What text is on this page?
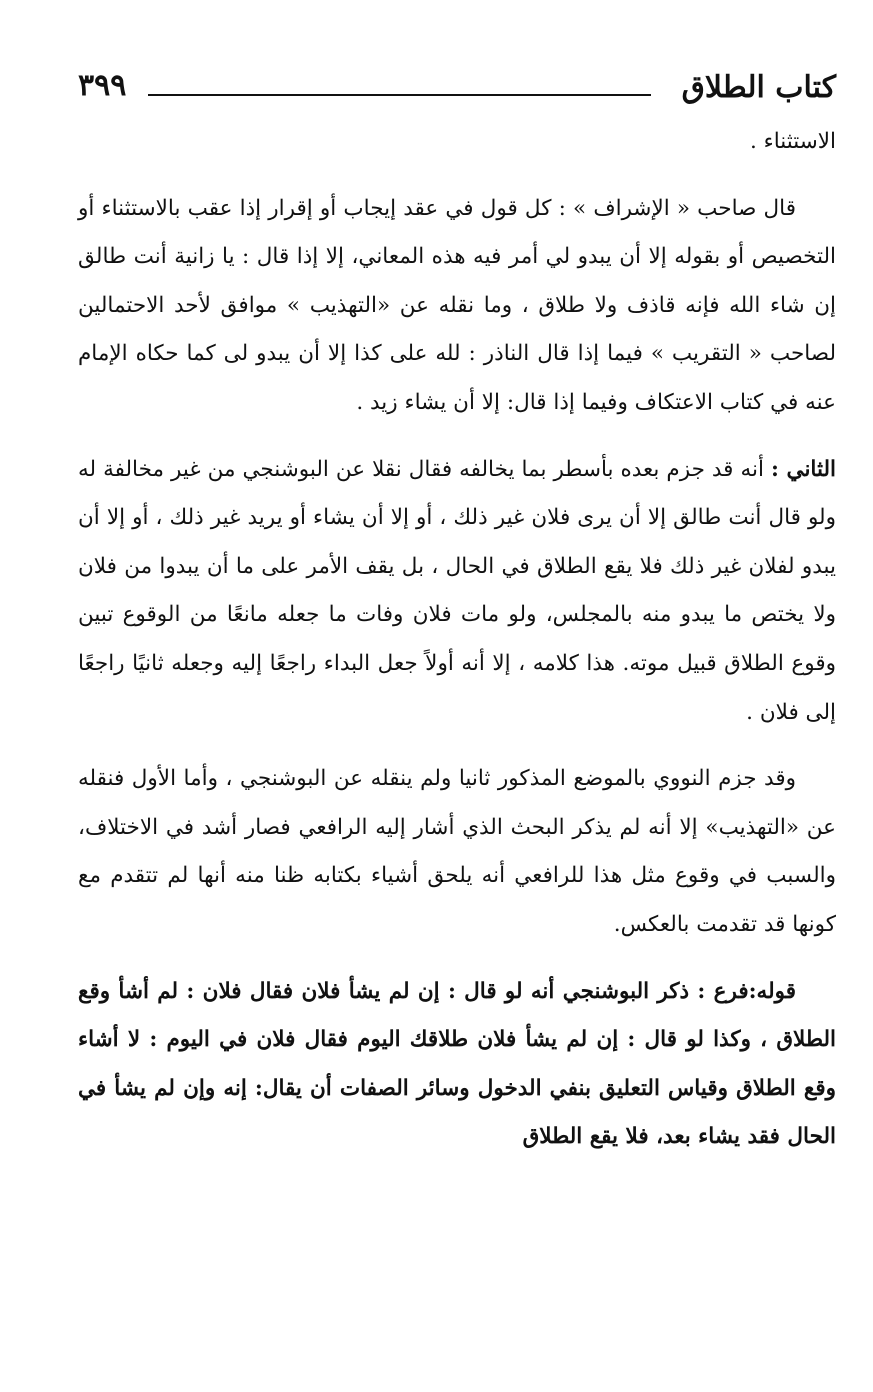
كتاب الطلاق
٣٩٩

الاستثناء .

قال صاحب « الإشراف » : كل قول في عقد إيجاب أو إقرار إذا عقب بالاستثناء أو التخصيص أو بقوله إلا أن يبدو لي أمر فيه هذه المعاني، إلا إذا قال : يا زانية أنت طالق إن شاء الله فإنه قاذف ولا طلاق ، وما نقله عن «التهذيب » موافق لأحد الاحتمالين لصاحب « التقريب » فيما إذا قال الناذر : لله على كذا إلا أن يبدو لى كما حكاه الإمام عنه في كتاب الاعتكاف وفيما إذا قال: إلا أن يشاء زيد .

الثاني : أنه قد جزم بعده بأسطر بما يخالفه فقال نقلا عن البوشنجي من غير مخالفة له ولو قال أنت طالق إلا أن يرى فلان غير ذلك ، أو إلا أن يشاء أو يريد غير ذلك ، أو إلا أن يبدو لفلان غير ذلك فلا يقع الطلاق في الحال ، بل يقف الأمر على ما أن يبدوا من فلان ولا يختص ما يبدو منه بالمجلس، ولو مات فلان وفات ما جعله مانعًا من الوقوع تبين وقوع الطلاق قبيل موته. هذا كلامه ، إلا أنه أولاً جعل البداء راجعًا إليه وجعله ثانيًا راجعًا إلى فلان .

وقد جزم النووي بالموضع المذكور ثانيا ولم ينقله عن البوشنجي ، وأما الأول فنقله عن «التهذيب» إلا أنه لم يذكر البحث الذي أشار إليه الرافعي فصار أشد في الاختلاف، والسبب في وقوع مثل هذا للرافعي أنه يلحق أشياء بكتابه ظنا منه أنها لم تتقدم مع كونها قد تقدمت بالعكس.

قوله:فرع : ذكر البوشنجي أنه لو قال : إن لم يشأ فلان فقال فلان : لم أشأ وقع الطلاق ، وكذا لو قال : إن لم يشأ فلان طلاقك اليوم فقال فلان في اليوم : لا أشاء وقع الطلاق وقياس التعليق بنفي الدخول وسائر الصفات أن يقال: إنه وإن لم يشأ في الحال فقد يشاء بعد، فلا يقع الطلاق
